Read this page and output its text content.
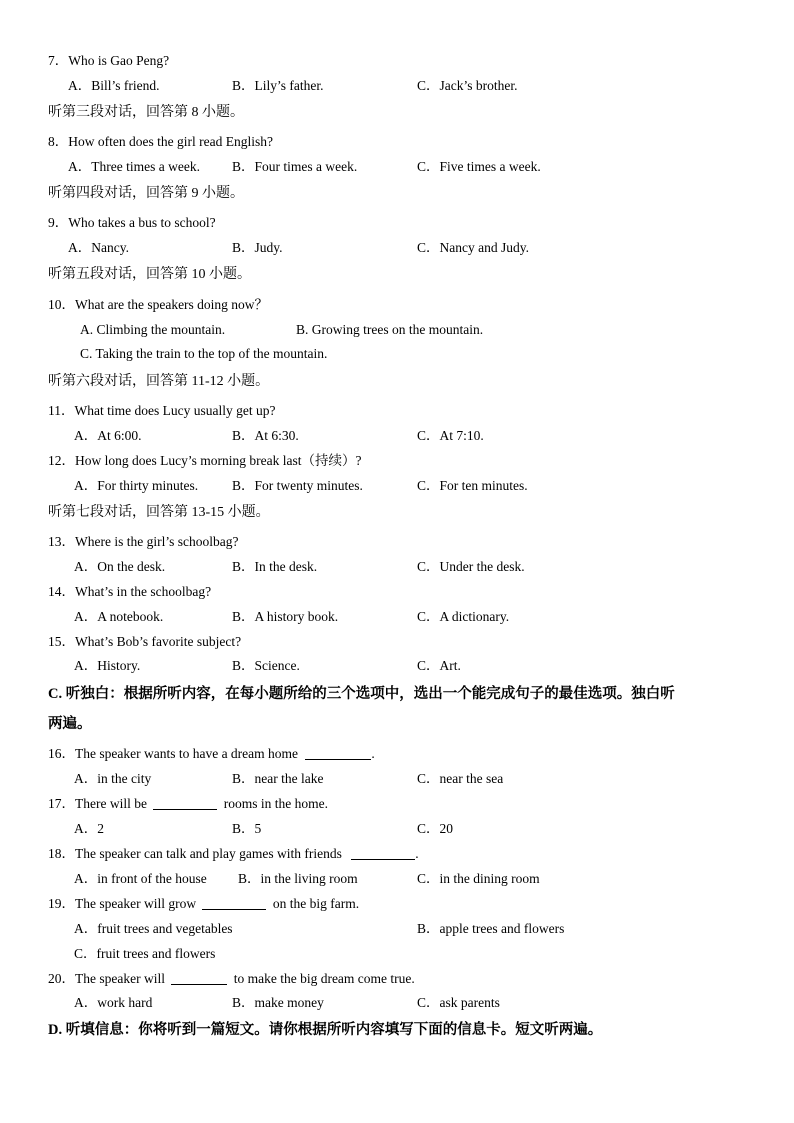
7．Who is Gao Peng?
A．Bill’s friend.	B．Lily’s father.	C．Jack’s brother.
听第三段对话，回答第 8 小题。
8．How often does the girl read English?
A．Three times a week. B．Four times a week.	C．Five times a week.
听第四段对话，回答第 9 小题。
9．Who takes a bus to school?
A．Nancy.	B．Judy.	C．Nancy and Judy.
听第五段对话，回答第 10 小题。
10．What are the speakers doing now？
A. Climbing the mountain.	B. Growing trees on the mountain.
C. Taking the train to the top of the mountain.
听第六段对话，回答第 11-12 小题。
11．What time does Lucy usually get up?
A．At 6:00.	B．At 6:30.	C．At 7:10.
12．How long does Lucy’s morning break last（持续）?
A．For thirty minutes.	B．For twenty minutes.	C．For ten minutes.
听第七段对话，回答第 13-15 小题。
13．Where is the girl’s schoolbag?
A．On the desk.	B．In the desk.	C．Under the desk.
14．What’s in the schoolbag?
A．A notebook.	B．A history book.	C．A dictionary.
15．What’s Bob’s favorite subject?
A．History.	B．Science.	C．Art.
C. 听独白：根据所听内容，在每小题所给的三个选项中，选出一个能完成句子的最佳选项。独白听
两遍。
16．The speaker wants to have a dream home	.
A．in the city	B．near the lake	C．near the sea
17．There will be	rooms in the home.
A．2	B．5	C．20
18．The speaker can talk and play games with friends	.
A．in front of the house B．in the living room	C．in the dining room
19．The speaker will grow	on the big farm.
A．fruit trees and vegetables	B．apple trees and flowers
C．fruit trees and flowers
20．The speaker will	to make the big dream come true.
A．work hard	B．make money	C．ask parents
D. 听填信息：你将听到一篇短文。请你根据所听内容填写下面的信息卡。短文听两遍。
